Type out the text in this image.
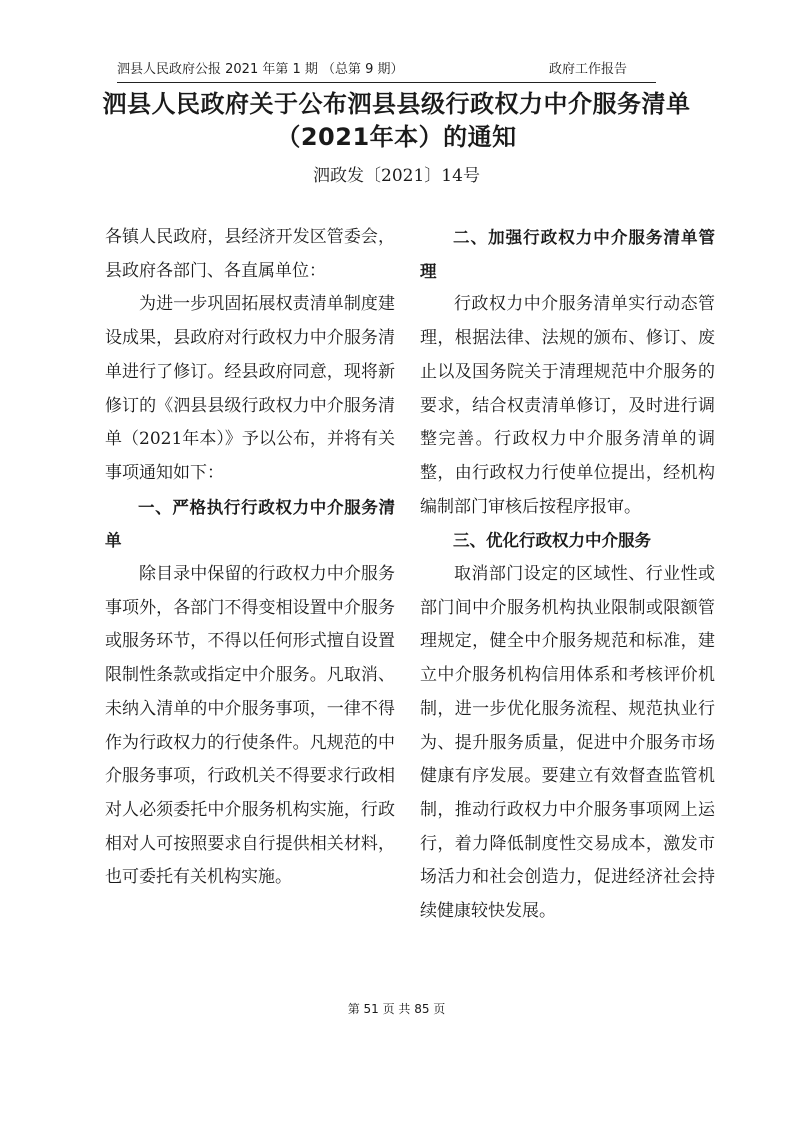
泗县人民政府公报 2021 年第 1 期 （总第 9 期）	政府工作报告
泗县人民政府关于公布泗县县级行政权力中介服务清单
（2021年本）的通知
泗政发〔2021〕14号

各镇人民政府，县经济开发区管委会，县政府各部门、各直属单位：

为进一步巩固拓展权责清单制度建设成果，县政府对行政权力中介服务清单进行了修订。经县政府同意，现将新修订的《泗县县级行政权力中介服务清单（2021年本）》予以公布，并将有关事项通知如下：

一、严格执行行政权力中介服务清单

除目录中保留的行政权力中介服务事项外，各部门不得变相设置中介服务或服务环节，不得以任何形式擅自设置限制性条款或指定中介服务。凡取消、未纳入清单的中介服务事项，一律不得作为行政权力的行使条件。凡规范的中介服务事项，行政机关不得要求行政相对人必须委托中介服务机构实施，行政相对人可按照要求自行提供相关材料，也可委托有关机构实施。

二、加强行政权力中介服务清单管理

行政权力中介服务清单实行动态管理，根据法律、法规的颁布、修订、废止以及国务院关于清理规范中介服务的要求，结合权责清单修订，及时进行调整完善。行政权力中介服务清单的调整，由行政权力行使单位提出，经机构编制部门审核后按程序报审。

三、优化行政权力中介服务

取消部门设定的区域性、行业性或部门间中介服务机构执业限制或限额管理规定，健全中介服务规范和标准，建立中介服务机构信用体系和考核评价机制，进一步优化服务流程、规范执业行为、提升服务质量，促进中介服务市场健康有序发展。要建立有效督查监管机制，推动行政权力中介服务事项网上运行，着力降低制度性交易成本，激发市场活力和社会创造力，促进经济社会持续健康较快发展。

第 51 页 共 85 页
